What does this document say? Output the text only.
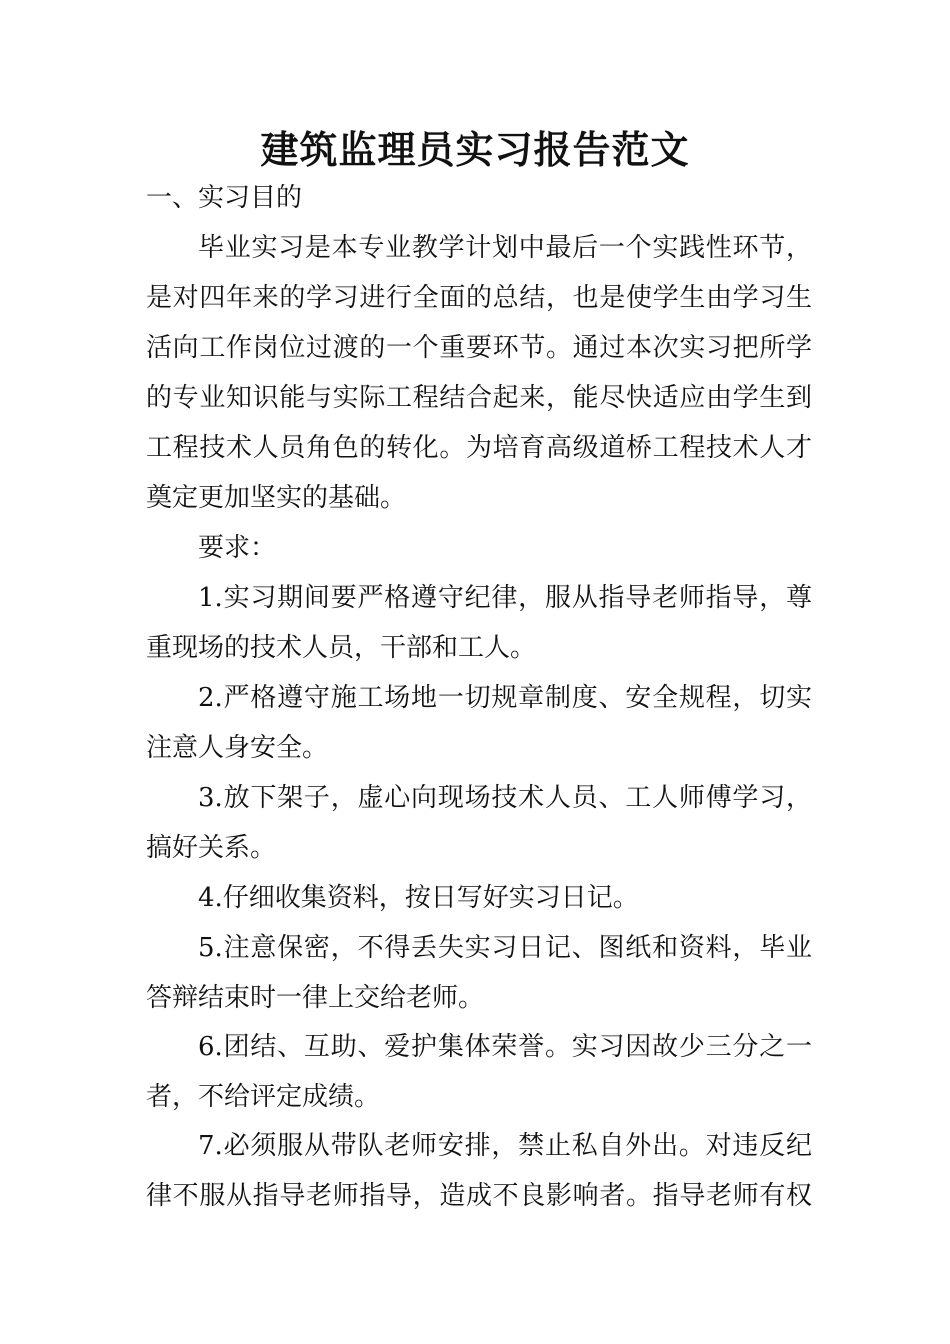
建筑监理员实习报告范文
一、实习目的
毕业实习是本专业教学计划中最后一个实践性环节，
是对四年来的学习进行全面的总结，也是使学生由学习生
活向工作岗位过渡的一个重要环节。通过本次实习把所学
的专业知识能与实际工程结合起来，能尽快适应由学生到
工程技术人员角色的转化。为培育高级道桥工程技术人才
奠定更加坚实的基础。
要求：
1.实习期间要严格遵守纪律，服从指导老师指导，尊
重现场的技术人员，干部和工人。
2.严格遵守施工场地一切规章制度、安全规程，切实
注意人身安全。
3.放下架子，虚心向现场技术人员、工人师傅学习，
搞好关系。
4.仔细收集资料，按日写好实习日记。
5.注意保密，不得丢失实习日记、图纸和资料，毕业
答辩结束时一律上交给老师。
6.团结、互助、爱护集体荣誉。实习因故少三分之一
者，不给评定成绩。
7.必须服从带队老师安排，禁止私自外出。对违反纪
律不服从指导老师指导，造成不良影响者。指导老师有权
